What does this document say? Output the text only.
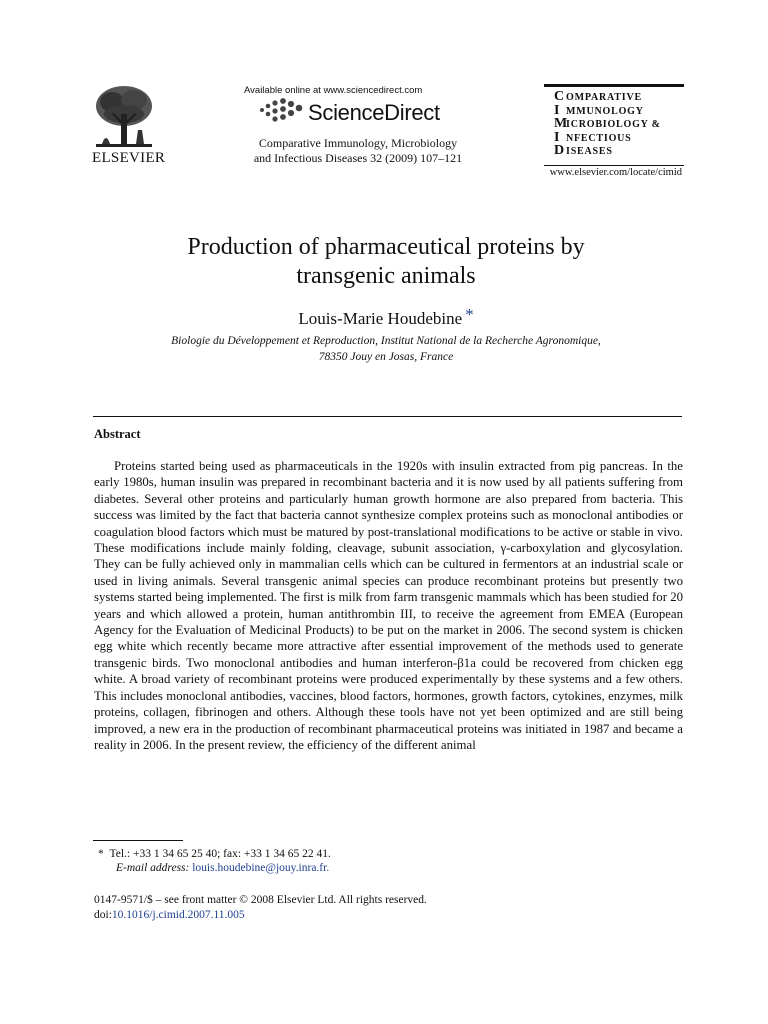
ELSEVIER
Available online at www.sciencedirect.com
ScienceDirect
Comparative Immunology, Microbiology
and Infectious Diseases 32 (2009) 107–121
COMPARATIVE
I MMUNOLOGY
MICROBIOLOGY &
I NFECTIOUS
DISEASES
www.elsevier.com/locate/cimid
Production of pharmaceutical proteins by
transgenic animals
Louis-Marie Houdebine *
Biologie du Développement et Reproduction, Institut National de la Recherche Agronomique,
78350 Jouy en Josas, France
Abstract

Proteins started being used as pharmaceuticals in the 1920s with insulin extracted from pig pancreas. In the early 1980s, human insulin was prepared in recombinant bacteria and it is now used by all patients suffering from diabetes. Several other proteins and particularly human growth hormone are also prepared from bacteria. This success was limited by the fact that bacteria cannot synthesize complex proteins such as monoclonal antibodies or coagulation blood factors which must be matured by post-translational modifications to be active or stable in vivo. These modifications include mainly folding, cleavage, subunit association, γ-carboxylation and glycosylation. They can be fully achieved only in mammalian cells which can be cultured in fermentors at an industrial scale or used in living animals. Several transgenic animal species can produce recombinant proteins but presently two systems started being implemented. The first is milk from farm transgenic mammals which has been studied for 20 years and which allowed a protein, human antithrombin III, to receive the agreement from EMEA (European Agency for the Evaluation of Medicinal Products) to be put on the market in 2006. The second system is chicken egg white which recently became more attractive after essential improvement of the methods used to generate transgenic birds. Two monoclonal antibodies and human interferon-β1a could be recovered from chicken egg white. A broad variety of recombinant proteins were produced experimentally by these systems and a few others. This includes monoclonal antibodies, vaccines, blood factors, hormones, growth factors, cytokines, enzymes, milk proteins, collagen, fibrinogen and others. Although these tools have not yet been optimized and are still being improved, a new era in the production of recombinant pharmaceutical proteins was initiated in 1987 and became a reality in 2006. In the present review, the efficiency of the different animal

* Tel.: +33 1 34 65 25 40; fax: +33 1 34 65 22 41.
E-mail address: louis.houdebine@jouy.inra.fr.
0147-9571/$ – see front matter © 2008 Elsevier Ltd. All rights reserved.
doi:10.1016/j.cimid.2007.11.005
